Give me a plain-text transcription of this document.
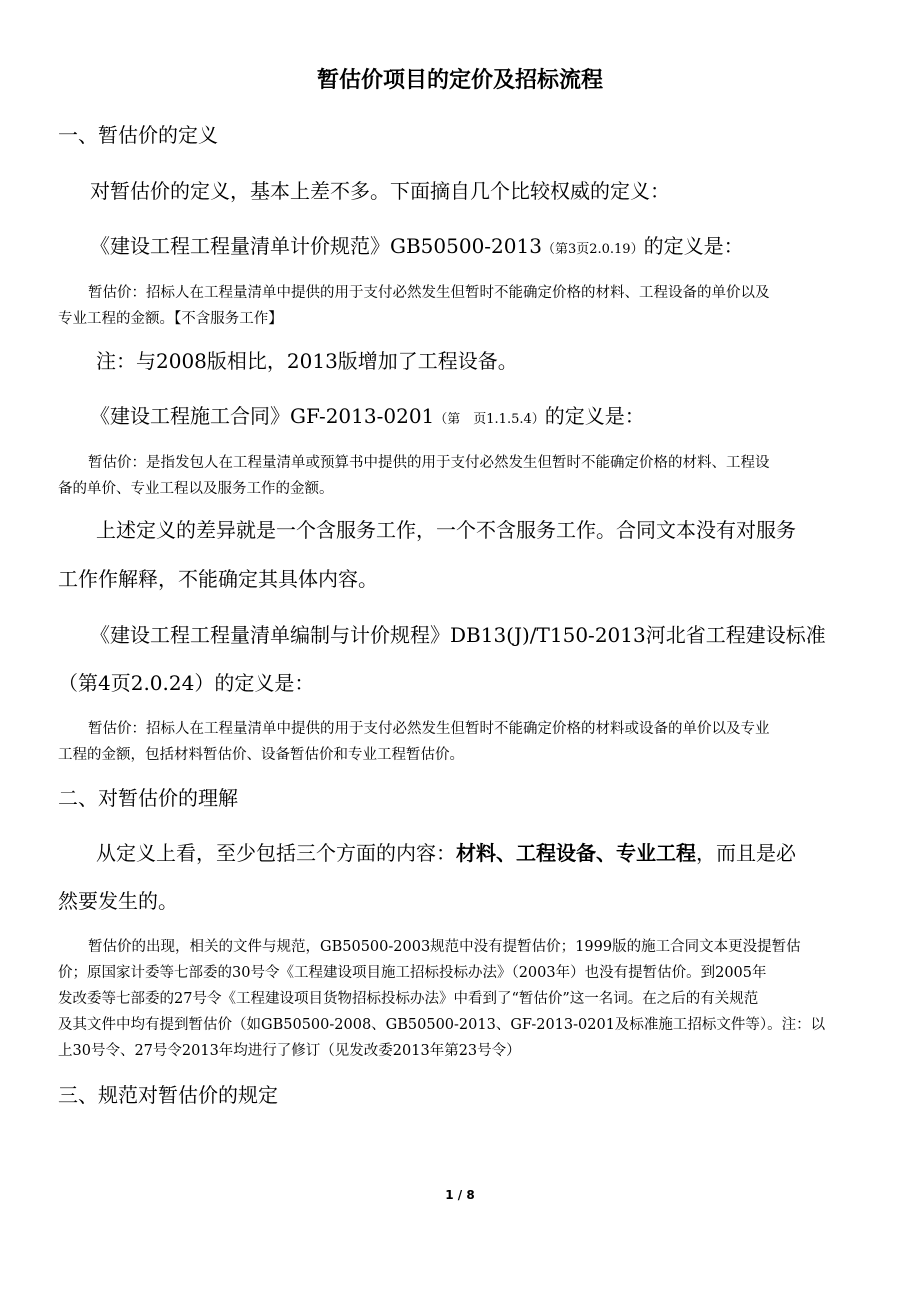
暂估价项目的定价及招标流程
一、暂估价的定义
对暂估价的定义，基本上差不多。下面摘自几个比较权威的定义：
《建设工程工程量清单计价规范》GB50500-2013（第3页2.0.19）的定义是：
暂估价：招标人在工程量清单中提供的用于支付必然发生但暂时不能确定价格的材料、工程设备的单价以及
专业工程的金额。【不含服务工作】
注：与2008版相比，2013版增加了工程设备。
《建设工程施工合同》GF-2013-0201（第　页1.1.5.4）的定义是：
暂估价：是指发包人在工程量清单或预算书中提供的用于支付必然发生但暂时不能确定价格的材料、工程设
备的单价、专业工程以及服务工作的金额。
上述定义的差异就是一个含服务工作，一个不含服务工作。合同文本没有对服务
工作作解释，不能确定其具体内容。
《建设工程工程量清单编制与计价规程》DB13(J)/T150-2013河北省工程建设标准
（第4页2.0.24）的定义是：
暂估价：招标人在工程量清单中提供的用于支付必然发生但暂时不能确定价格的材料或设备的单价以及专业
工程的金额，包括材料暂估价、设备暂估价和专业工程暂估价。
二、对暂估价的理解
从定义上看，至少包括三个方面的内容：材料、工程设备、专业工程，而且是必
然要发生的。
暂估价的出现，相关的文件与规范，GB50500-2003规范中没有提暂估价；1999版的施工合同文本更没提暂估
价；原国家计委等七部委的30号令《工程建设项目施工招标投标办法》（2003年）也没有提暂估价。到2005年
发改委等七部委的27号令《工程建设项目货物招标投标办法》中看到了“暂估价”这一名词。在之后的有关规范
及其文件中均有提到暂估价（如GB50500-2008、GB50500-2013、GF-2013-0201及标准施工招标文件等）。注：以
上30号令、27号令2013年均进行了修订（见发改委2013年第23号令）
三、规范对暂估价的规定
1 / 8
